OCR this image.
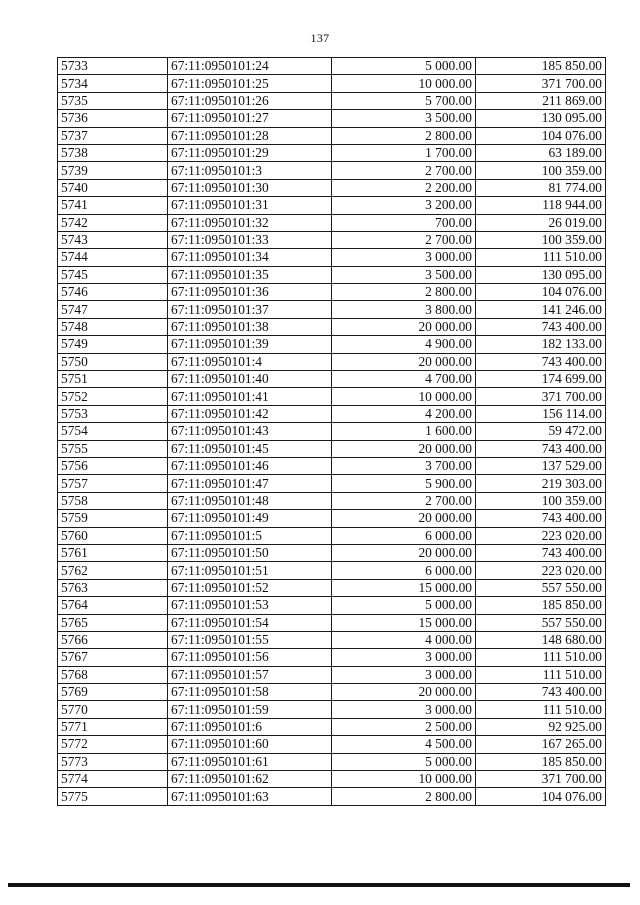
137
5733	67:11:0950101:24	5 000.00	185 850.00
5734	67:11:0950101:25	10 000.00	371 700.00
5735	67:11:0950101:26	5 700.00	211 869.00
5736	67:11:0950101:27	3 500.00	130 095.00
5737	67:11:0950101:28	2 800.00	104 076.00
5738	67:11:0950101:29	1 700.00	63 189.00
5739	67:11:0950101:3	2 700.00	100 359.00
5740	67:11:0950101:30	2 200.00	81 774.00
5741	67:11:0950101:31	3 200.00	118 944.00
5742	67:11:0950101:32	700.00	26 019.00
5743	67:11:0950101:33	2 700.00	100 359.00
5744	67:11:0950101:34	3 000.00	111 510.00
5745	67:11:0950101:35	3 500.00	130 095.00
5746	67:11:0950101:36	2 800.00	104 076.00
5747	67:11:0950101:37	3 800.00	141 246.00
5748	67:11:0950101:38	20 000.00	743 400.00
5749	67:11:0950101:39	4 900.00	182 133.00
5750	67:11:0950101:4	20 000.00	743 400.00
5751	67:11:0950101:40	4 700.00	174 699.00
5752	67:11:0950101:41	10 000.00	371 700.00
5753	67:11:0950101:42	4 200.00	156 114.00
5754	67:11:0950101:43	1 600.00	59 472.00
5755	67:11:0950101:45	20 000.00	743 400.00
5756	67:11:0950101:46	3 700.00	137 529.00
5757	67:11:0950101:47	5 900.00	219 303.00
5758	67:11:0950101:48	2 700.00	100 359.00
5759	67:11:0950101:49	20 000.00	743 400.00
5760	67:11:0950101:5	6 000.00	223 020.00
5761	67:11:0950101:50	20 000.00	743 400.00
5762	67:11:0950101:51	6 000.00	223 020.00
5763	67:11:0950101:52	15 000.00	557 550.00
5764	67:11:0950101:53	5 000.00	185 850.00
5765	67:11:0950101:54	15 000.00	557 550.00
5766	67:11:0950101:55	4 000.00	148 680.00
5767	67:11:0950101:56	3 000.00	111 510.00
5768	67:11:0950101:57	3 000.00	111 510.00
5769	67:11:0950101:58	20 000.00	743 400.00
5770	67:11:0950101:59	3 000.00	111 510.00
5771	67:11:0950101:6	2 500.00	92 925.00
5772	67:11:0950101:60	4 500.00	167 265.00
5773	67:11:0950101:61	5 000.00	185 850.00
5774	67:11:0950101:62	10 000.00	371 700.00
5775	67:11:0950101:63	2 800.00	104 076.00
